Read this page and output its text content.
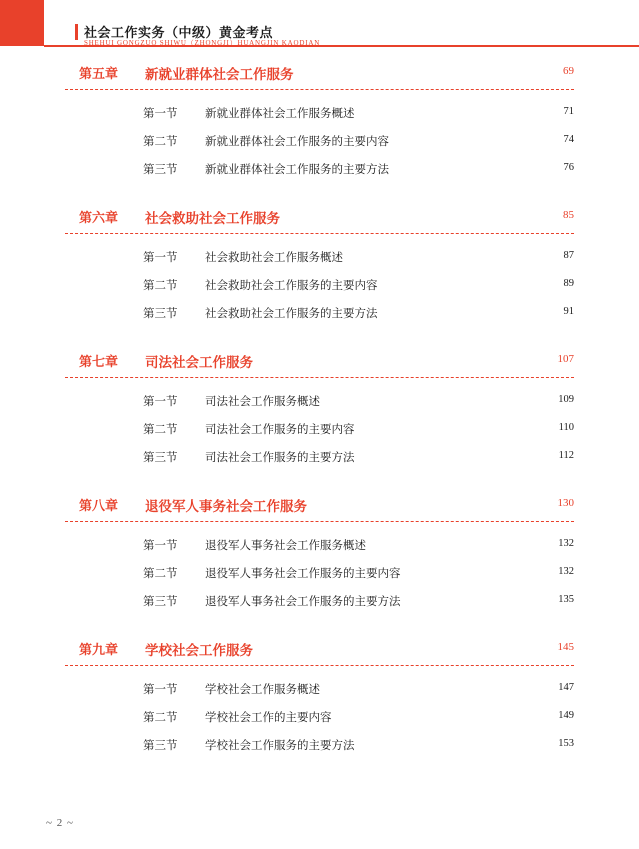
社会工作实务（中级）黄金考点
SHEHUI GONGZUO SHIWU（ZHONGJI）HUANGJIN KAODIAN
第五章 新就业群体社会工作服务	69
第一节 新就业群体社会工作服务概述	71
第二节 新就业群体社会工作服务的主要内容	74
第三节 新就业群体社会工作服务的主要方法	76
第六章 社会救助社会工作服务	85
第一节 社会救助社会工作服务概述	87
第二节 社会救助社会工作服务的主要内容	89
第三节 社会救助社会工作服务的主要方法	91
第七章 司法社会工作服务	107
第一节 司法社会工作服务概述	109
第二节 司法社会工作服务的主要内容	110
第三节 司法社会工作服务的主要方法	112
第八章 退役军人事务社会工作服务	130
第一节 退役军人事务社会工作服务概述	132
第二节 退役军人事务社会工作服务的主要内容	132
第三节 退役军人事务社会工作服务的主要方法	135
第九章 学校社会工作服务	145
第一节 学校社会工作服务概述	147
第二节 学校社会工作的主要内容	149
第三节 学校社会工作服务的主要方法	153
~ 2 ~
